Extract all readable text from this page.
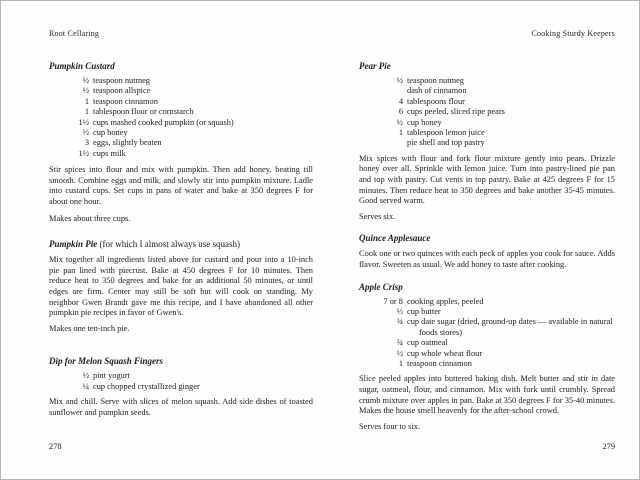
Root Cellaring
Pumpkin Custard
½ teaspoon nutmeg
½ teaspoon allspice
1 teaspoon cinnamon
1 tablespoon flour or cornstarch
1½ cups mashed cooked pumpkin (or squash)
½ cup honey
3 eggs, slightly beaten
1½ cups milk
Stir spices into flour and mix with pumpkin. Then add honey, beating till smooth. Combine eggs and milk, and slowly stir into pumpkin mixture. Ladle into custard cups. Set cups in pans of water and bake at 350 degrees F for about one hour.
Makes about three cups.
Pumpkin Pie (for which I almost always use squash)
Mix together all ingredients listed above for custard and pour into a 10-inch pie pan lined with piecrust. Bake at 450 degrees F for 10 minutes. Then reduce heat to 350 degrees and bake for an additional 50 minutes, or until edges are firm. Center may still be soft but will cook on standing. My neighbor Gwen Brandt gave me this recipe, and I have abandoned all other pumpkin pie recipes in favor of Gwen's.
Makes one ten-inch pie.
Dip for Melon Squash Fingers
½ pint yogurt
¼ cup chopped crystallized ginger
Mix and chill. Serve with slices of melon squash. Add side dishes of toasted sunflower and pumpkin seeds.
Cooking Sturdy Keepers
Pear Pie
½ teaspoon nutmeg
dash of cinnamon
4 tablespoons flour
6 cups peeled, sliced ripe pears
½ cup honey
1 tablespoon lemon juice
pie shell and top pastry
Mix spices with flour and fork flour mixture gently into pears. Drizzle honey over all. Sprinkle with lemon juice. Turn into pastry-lined pie pan and top with pastry. Cut vents in top pastry. Bake at 425 degrees F for 15 minutes. Then reduce heat to 350 degrees and bake another 35-45 minutes. Good served warm.
Serves six.
Quince Applesauce
Cook one or two quinces with each peck of apples you cook for sauce. Adds flavor. Sweeten as usual. We add honey to taste after cooking.
Apple Crisp
7 or 8 cooking apples, peeled
⅓ cup butter
¾ cup date sugar (dried, ground-up dates — available in natural foods stores)
¾ cup oatmeal
½ cup whole wheat flour
1 teaspoon cinnamon
Slice peeled apples into buttered baking dish. Melt butter and stir in date sugar, oatmeal, flour, and cinnamon. Mix with fork until crumbly. Spread crumb mixture over apples in pan. Bake at 350 degrees F for 35-40 minutes. Makes the house smell heavenly for the after-school crowd.
Serves four to six.
278	279
